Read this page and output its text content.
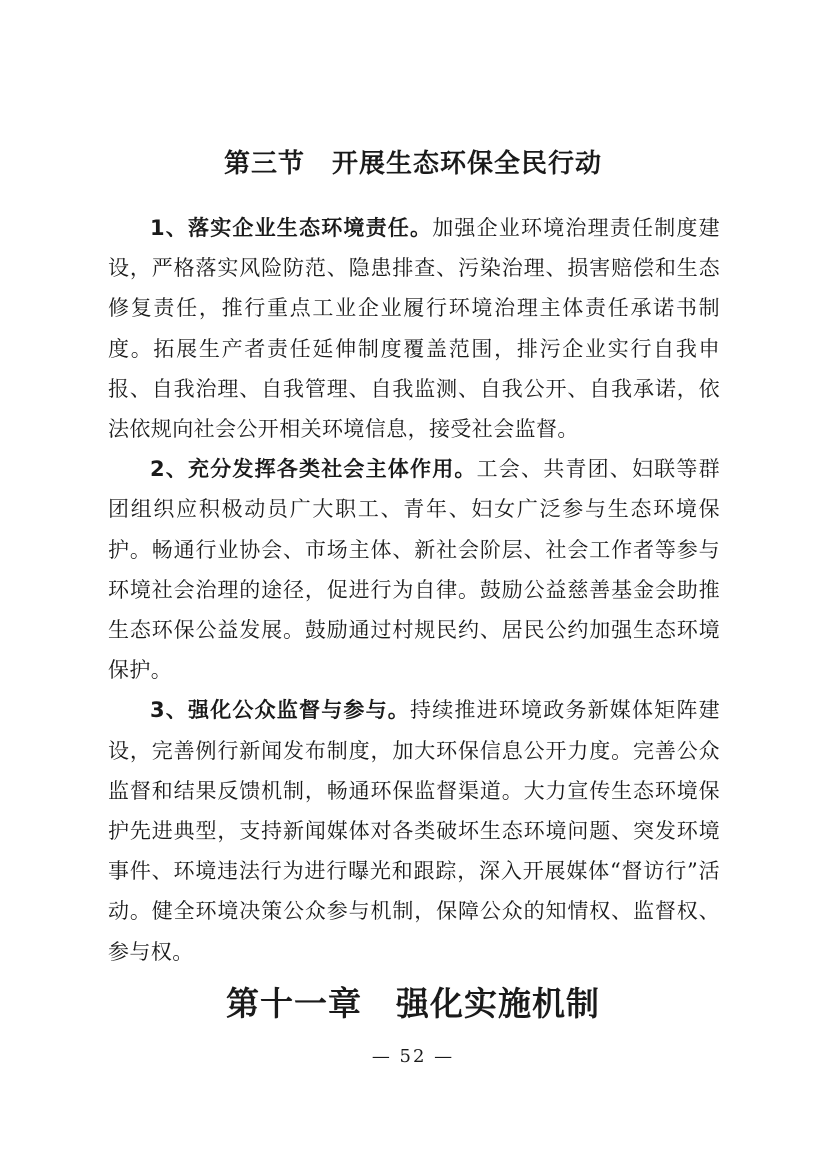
第三节　开展生态环保全民行动

1、落实企业生态环境责任。加强企业环境治理责任制度建设，严格落实风险防范、隐患排查、污染治理、损害赔偿和生态修复责任，推行重点工业企业履行环境治理主体责任承诺书制度。拓展生产者责任延伸制度覆盖范围，排污企业实行自我申报、自我治理、自我管理、自我监测、自我公开、自我承诺，依法依规向社会公开相关环境信息，接受社会监督。

2、充分发挥各类社会主体作用。工会、共青团、妇联等群团组织应积极动员广大职工、青年、妇女广泛参与生态环境保护。畅通行业协会、市场主体、新社会阶层、社会工作者等参与环境社会治理的途径，促进行为自律。鼓励公益慈善基金会助推生态环保公益发展。鼓励通过村规民约、居民公约加强生态环境保护。

3、强化公众监督与参与。持续推进环境政务新媒体矩阵建设，完善例行新闻发布制度，加大环保信息公开力度。完善公众监督和结果反馈机制，畅通环保监督渠道。大力宣传生态环境保护先进典型，支持新闻媒体对各类破坏生态环境问题、突发环境事件、环境违法行为进行曝光和跟踪，深入开展媒体“督访行”活动。健全环境决策公众参与机制，保障公众的知情权、监督权、参与权。

第十一章　强化实施机制
— 52 —
